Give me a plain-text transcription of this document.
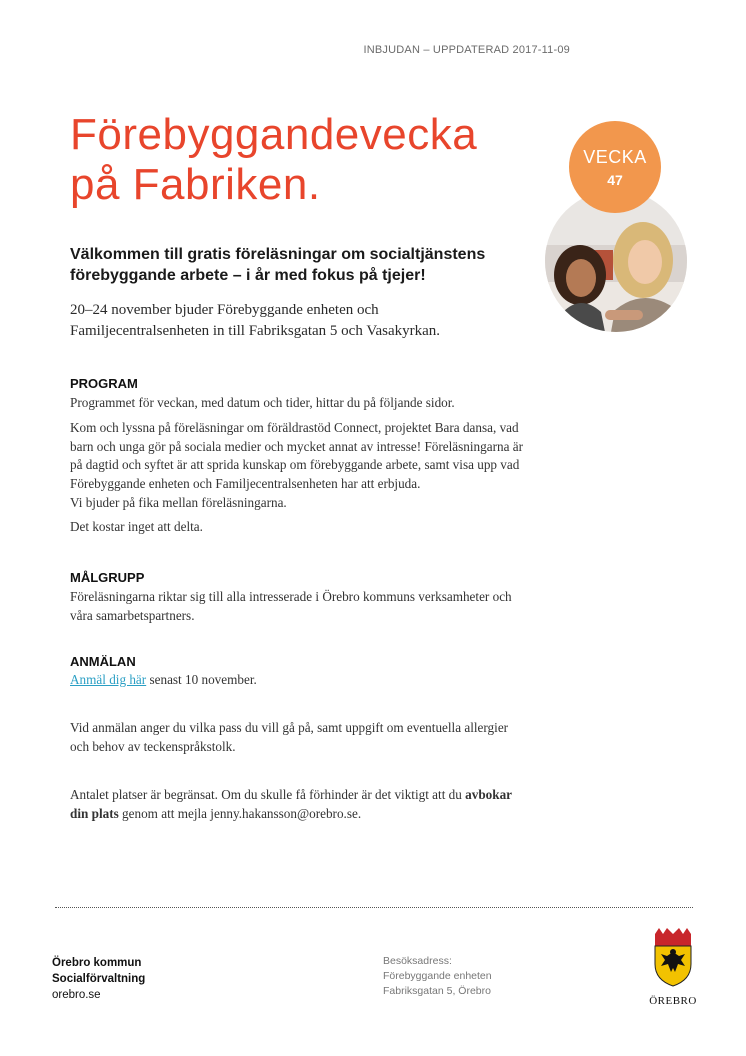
INBJUDAN – UPPDATERAD 2017-11-09
Förebyggandevecka
på Fabriken.
VECKA
47
Välkommen till gratis föreläsningar om socialtjänstens
förebyggande arbete – i år med fokus på tjejer!
20–24 november bjuder Förebyggande enheten och
Familjecentralsenheten in till Fabriksgatan 5 och Vasakyrkan.
PROGRAM
Programmet för veckan, med datum och tider, hittar du på följande sidor.
Kom och lyssna på föreläsningar om föräldrastöd Connect, projektet Bara dansa, vad
barn och unga gör på sociala medier och mycket annat av intresse! Föreläsningarna är
på dagtid och syftet är att sprida kunskap om förebyggande arbete, samt visa upp vad
Förebyggande enheten och Familjecentralsenheten har att erbjuda.
Vi bjuder på fika mellan föreläsningarna.
Det kostar inget att delta.
MÅLGRUPP
Föreläsningarna riktar sig till alla intresserade i Örebro kommuns verksamheter och
våra samarbetspartners.
ANMÄLAN
Anmäl dig här senast 10 november.
Vid anmälan anger du vilka pass du vill gå på, samt uppgift om eventuella allergier
och behov av teckenspråkstolk.
Antalet platser är begränsat. Om du skulle få förhinder är det viktigt att du avbokar
din plats genom att mejla jenny.hakansson@orebro.se.
Örebro kommun
Socialförvaltning
orebro.se
Besöksadress:
Förebyggande enheten
Fabriksgatan 5, Örebro
ÖREBRO
